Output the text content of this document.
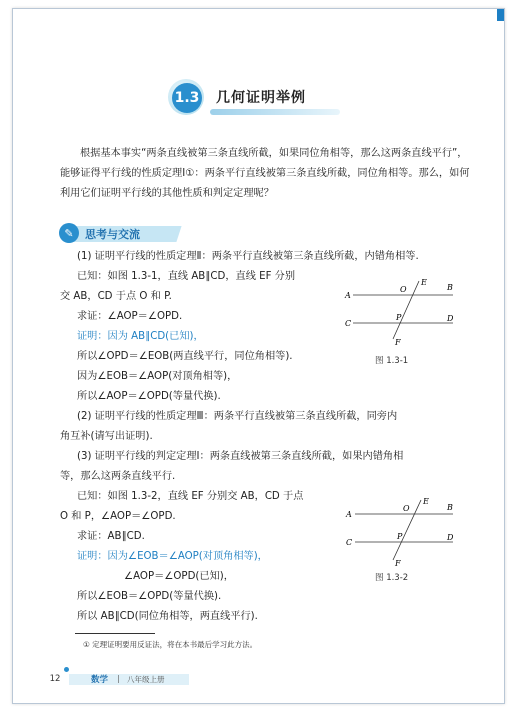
1.3 几何证明举例
根据基本事实“两条直线被第三条直线所截，如果同位角相等，那么这两条直线平行”，能够证得平行线的性质定理Ⅰ①：两条平行直线被第三条直线所截，同位角相等。那么，如何利用它们证明平行线的其他性质和判定定理呢？
✎	思考与交流
(1) 证明平行线的性质定理Ⅱ：两条平行直线被第三条直线所截，内错角相等.
已知：如图 1.3-1，直线 AB∥CD，直线 EF 分别
交 AB，CD 于点 O 和 P.
求证：∠AOP＝∠OPD.
证明：因为 AB∥CD(已知)，
所以∠OPD＝∠EOB(两直线平行，同位角相等).
因为∠EOB＝∠AOP(对顶角相等)，
所以∠AOP＝∠OPD(等量代换).
(2) 证明平行线的性质定理Ⅲ：两条平行直线被第三条直线所截，同旁内
角互补(请写出证明).
(3) 证明平行线的判定定理Ⅰ：两条直线被第三条直线所截，如果内错角相
等，那么这两条直线平行.
已知：如图 1.3-2，直线 EF 分别交 AB，CD 于点
O 和 P，∠AOP＝∠OPD.
求证：AB∥CD.
证明：因为∠EOB＝∠AOP(对顶角相等)，
∠AOP＝∠OPD(已知)，
所以∠EOB＝∠OPD(等量代换).
所以 AB∥CD(同位角相等，两直线平行).
A
B
C
D
E
F
O
P
图 1.3-1
A
B
C
D
E
F
O
P
图 1.3-2
① 定理证明要用反证法，将在本书最后学习此方法。
12	数学 | 八年级上册
